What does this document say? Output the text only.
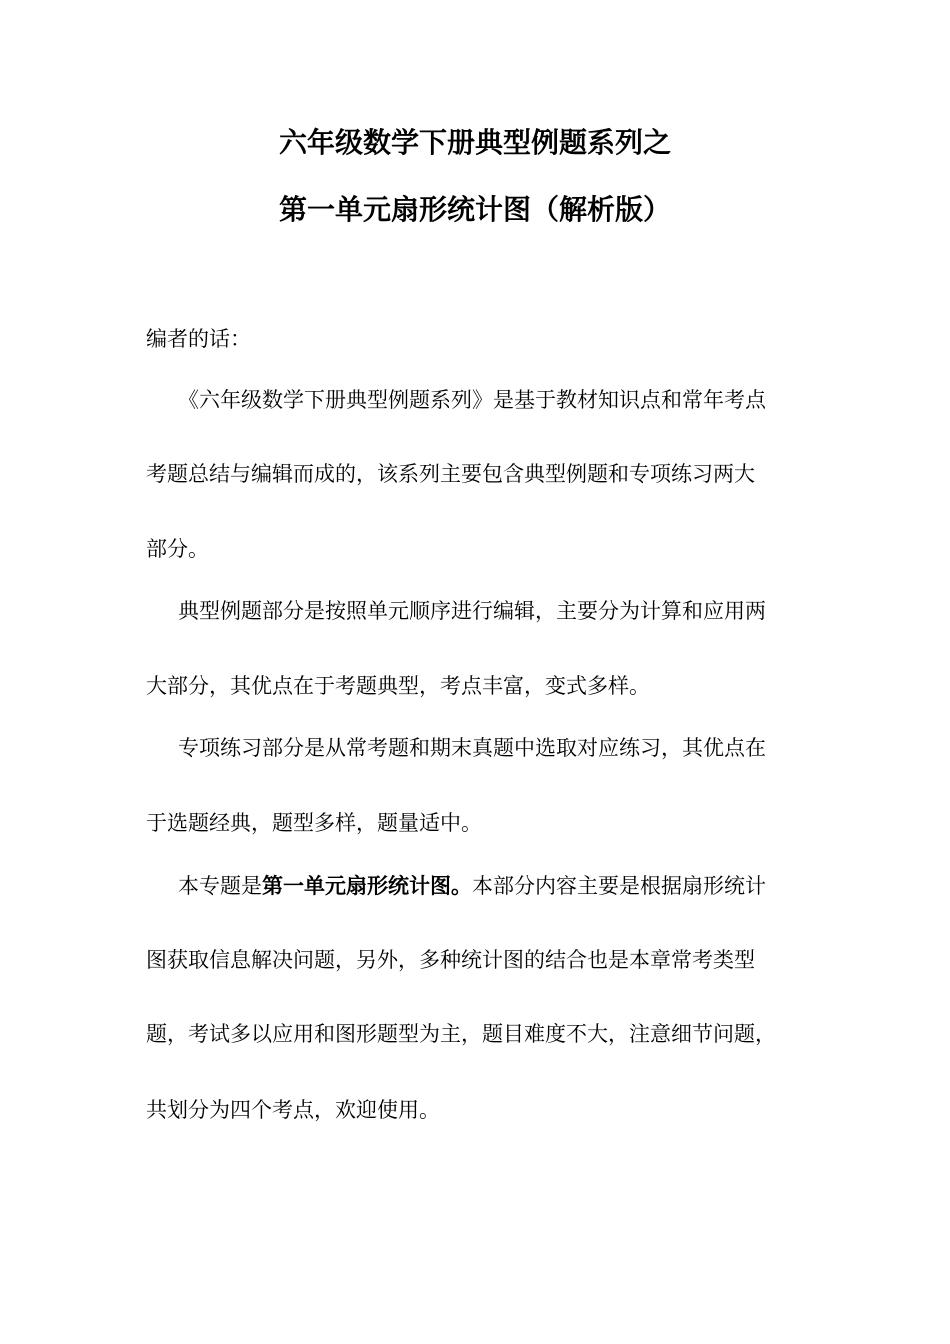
六年级数学下册典型例题系列之
第一单元扇形统计图（解析版）
编者的话：
《六年级数学下册典型例题系列》是基于教材知识点和常年考点
考题总结与编辑而成的，该系列主要包含典型例题和专项练习两大
部分。
典型例题部分是按照单元顺序进行编辑，主要分为计算和应用两
大部分，其优点在于考题典型，考点丰富，变式多样。
专项练习部分是从常考题和期末真题中选取对应练习，其优点在
于选题经典，题型多样，题量适中。
本专题是第一单元扇形统计图。本部分内容主要是根据扇形统计
图获取信息解决问题，另外，多种统计图的结合也是本章常考类型
题，考试多以应用和图形题型为主，题目难度不大，注意细节问题，
共划分为四个考点，欢迎使用。
